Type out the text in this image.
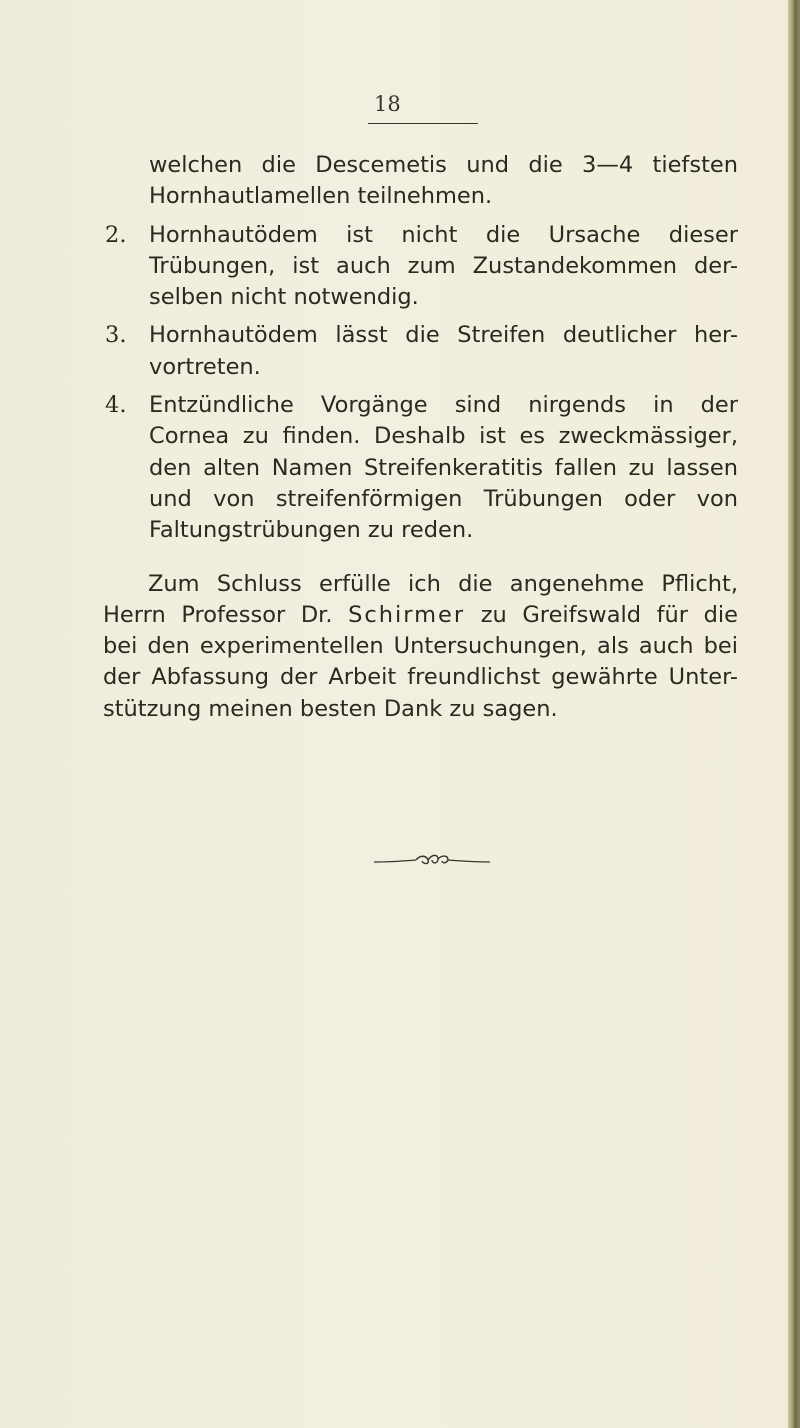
18
welchen die Descemetis und die 3—4 tiefsten
Hornhautlamellen teilnehmen.
2. Hornhautödem ist nicht die Ursache dieser
Trübungen, ist auch zum Zustandekommen der-
selben nicht notwendig.
3. Hornhautödem lässt die Streifen deutlicher her-
vortreten.
4. Entzündliche Vorgänge sind nirgends in der
Cornea zu finden. Deshalb ist es zweckmässiger,
den alten Namen Streifenkeratitis fallen zu lassen
und von streifenförmigen Trübungen oder von
Faltungstrübungen zu reden.
Zum Schluss erfülle ich die angenehme Pflicht,
Herrn Professor Dr. Schirmer zu Greifswald für die
bei den experimentellen Untersuchungen, als auch bei
der Abfassung der Arbeit freundlichst gewährte Unter-
stützung meinen besten Dank zu sagen.
